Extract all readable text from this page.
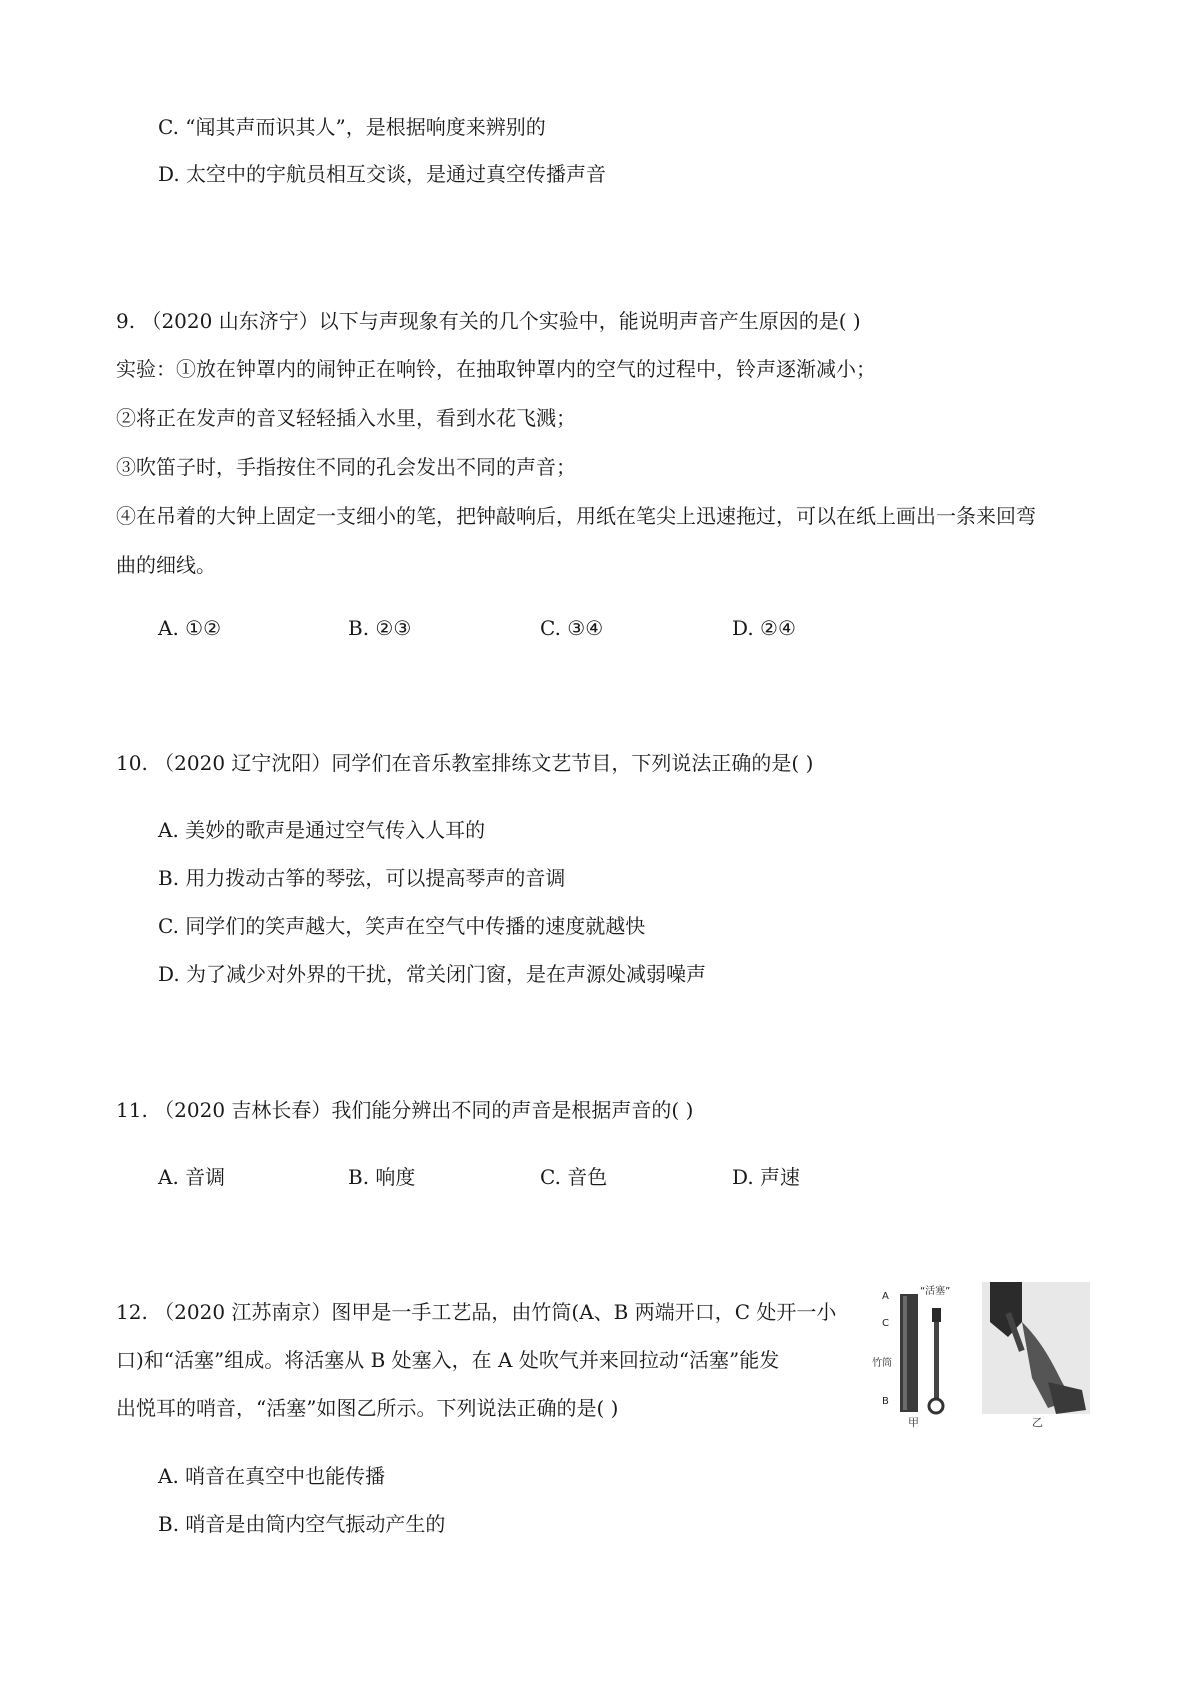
C. “闻其声而识其人”，是根据响度来辨别的
D. 太空中的宇航员相互交谈，是通过真空传播声音
9. （2020 山东济宁）以下与声现象有关的几个实验中，能说明声音产生原因的是( )
实验：①放在钟罩内的闹钟正在响铃，在抽取钟罩内的空气的过程中，铃声逐渐减小；
②将正在发声的音叉轻轻插入水里，看到水花飞溅；
③吹笛子时，手指按住不同的孔会发出不同的声音；
④在吊着的大钟上固定一支细小的笔，把钟敲响后，用纸在笔尖上迅速拖过，可以在纸上画出一条来回弯
曲的细线。
A. ①②	B. ②③	C. ③④	D. ②④
10. （2020 辽宁沈阳）同学们在音乐教室排练文艺节目，下列说法正确的是( )
A. 美妙的歌声是通过空气传入人耳的
B. 用力拨动古筝的琴弦，可以提高琴声的音调
C. 同学们的笑声越大，笑声在空气中传播的速度就越快
D. 为了减少对外界的干扰，常关闭门窗，是在声源处减弱噪声
11. （2020 吉林长春）我们能分辨出不同的声音是根据声音的( )
A. 音调	B. 响度	C. 音色	D. 声速
12. （2020 江苏南京）图甲是一手工艺品，由竹筒(A、B 两端开口，C 处开一小
口)和“活塞”组成。将活塞从 B 处塞入，在 A 处吹气并来回拉动“活塞”能发
出悦耳的哨音，“活塞”如图乙所示。下列说法正确的是( )
A
C
竹筒
B
“活塞”
甲	乙
A. 哨音在真空中也能传播
B. 哨音是由筒内空气振动产生的
